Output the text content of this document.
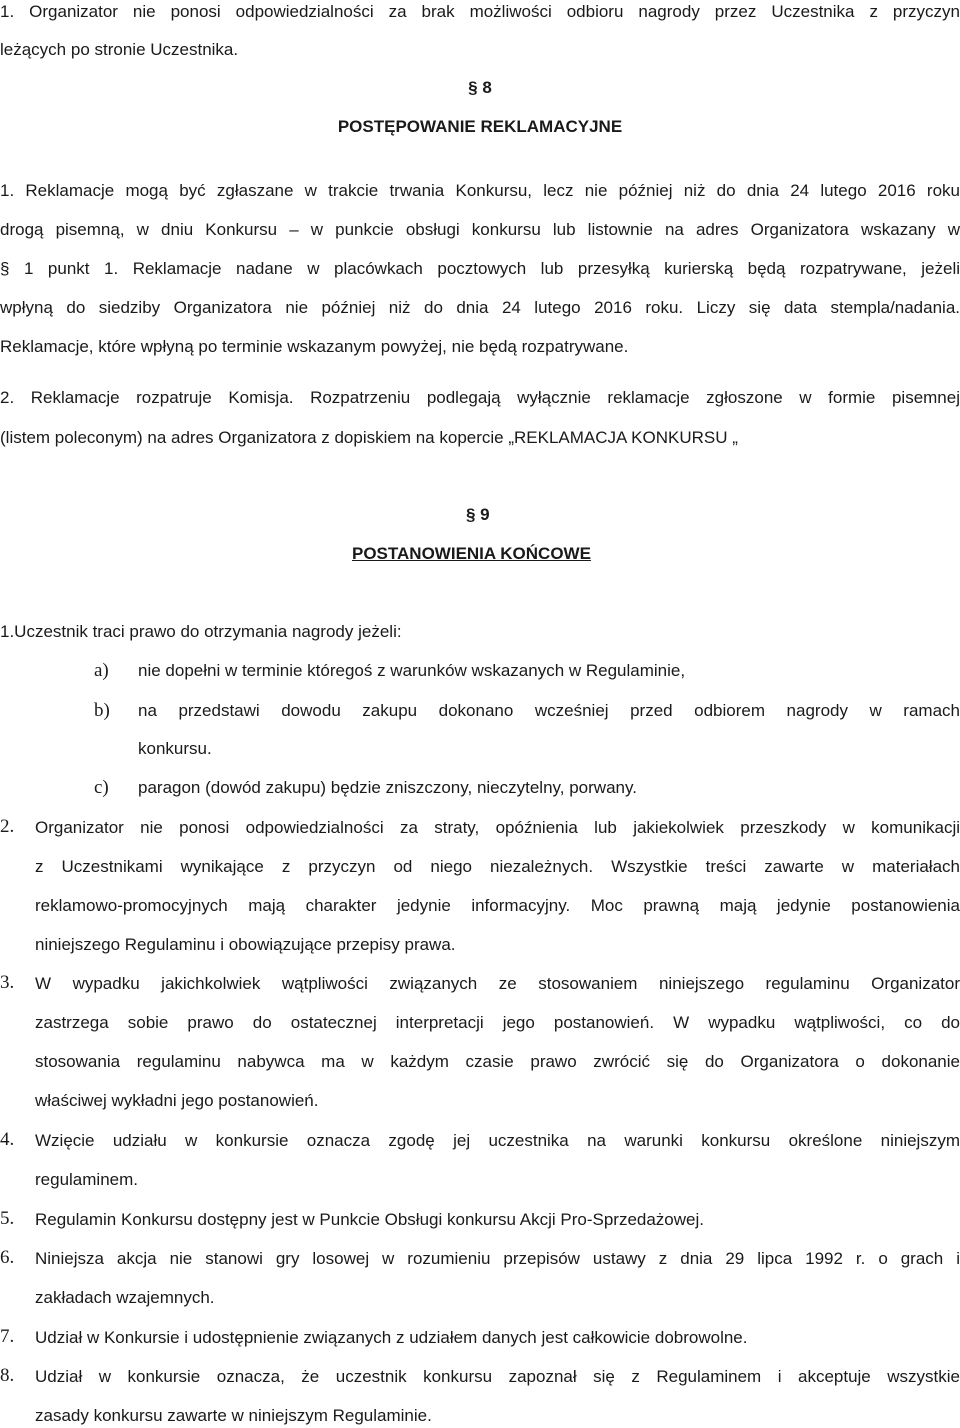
1. Organizator nie ponosi odpowiedzialności za brak możliwości odbioru nagrody przez Uczestnika z przyczyn
leżących po stronie Uczestnika.
§ 8
POSTĘPOWANIE REKLAMACYJNE
1. Reklamacje mogą być zgłaszane w trakcie trwania Konkursu, lecz nie później niż do dnia 24 lutego 2016 roku
drogą pisemną, w dniu Konkursu – w punkcie obsługi konkursu lub listownie na adres Organizatora wskazany w
§ 1 punkt 1. Reklamacje nadane w placówkach pocztowych lub przesyłką kurierską będą rozpatrywane, jeżeli
wpłyną do siedziby Organizatora nie później niż do dnia 24 lutego 2016 roku. Liczy się data stempla/nadania.
Reklamacje, które wpłyną po terminie wskazanym powyżej, nie będą rozpatrywane.
2. Reklamacje rozpatruje Komisja. Rozpatrzeniu podlegają wyłącznie reklamacje zgłoszone w formie pisemnej
(listem poleconym) na adres Organizatora z dopiskiem na kopercie „REKLAMACJA KONKURSU „
§ 9
POSTANOWIENIA KOŃCOWE
1.Uczestnik traci prawo do otrzymania nagrody jeżeli:
a) nie dopełni w terminie któregoś z warunków wskazanych w Regulaminie,
b) na przedstawi dowodu zakupu dokonano wcześniej przed odbiorem nagrody w ramach
konkursu.
c) paragon (dowód zakupu) będzie zniszczony, nieczytelny, porwany.
2. Organizator nie ponosi odpowiedzialności za straty, opóźnienia lub jakiekolwiek przeszkody w komunikacji
z Uczestnikami wynikające z przyczyn od niego niezależnych. Wszystkie treści zawarte w materiałach
reklamowo-promocyjnych mają charakter jedynie informacyjny. Moc prawną mają jedynie postanowienia
niniejszego Regulaminu i obowiązujące przepisy prawa.
3. W wypadku jakichkolwiek wątpliwości związanych ze stosowaniem niniejszego regulaminu Organizator
zastrzega sobie prawo do ostatecznej interpretacji jego postanowień. W wypadku wątpliwości, co do
stosowania regulaminu nabywca ma w każdym czasie prawo zwrócić się do Organizatora o dokonanie
właściwej wykładni jego postanowień.
4. Wzięcie udziału w konkursie oznacza zgodę jej uczestnika na warunki konkursu określone niniejszym
regulaminem.
5. Regulamin Konkursu dostępny jest w Punkcie Obsługi konkursu Akcji Pro-Sprzedażowej.
6. Niniejsza akcja nie stanowi gry losowej w rozumieniu przepisów ustawy z dnia 29 lipca 1992 r. o grach i
zakładach wzajemnych.
7. Udział w Konkursie i udostępnienie związanych z udziałem danych jest całkowicie dobrowolne.
8. Udział w konkursie oznacza, że uczestnik konkursu zapoznał się z Regulaminem i akceptuje wszystkie
zasady konkursu zawarte w niniejszym Regulaminie.
